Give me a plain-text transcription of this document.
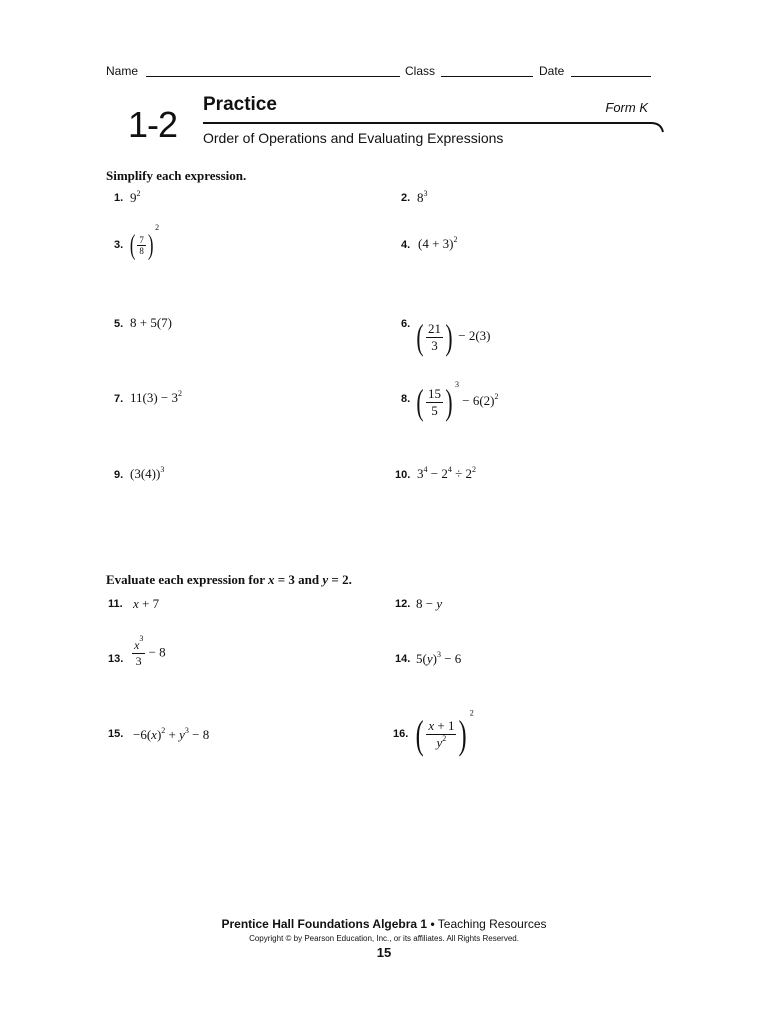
Name	Class	Date
1-2 Practice	Form K
Order of Operations and Evaluating Expressions
Simplify each expression.
1. $9^2$	2. $8^3$
3. ( $\frac{7}{8} )^2$
4. $(4 + 3)^2$
5. 8 + 5(7)	6. ( $\frac{21}{3}$ ) − 2(3)
7. $11(3) - 3^2$	8. ( $\frac{15}{5}$ ) $^3 - 6(2)^2$
9. $(3(4))^3$	10. $3^4 - 2^4 \div 2^2$
Evaluate each expression for x = 3 and y = 2.
11. x + 7	12. 8 − y
13. $\frac{x^3}{3} - 8$	14. $5(y)^3 - 6$
15. $-6(x)^2 + y^3 - 8$	16. ( $\frac{x + 1}{y^2}$ ) $^2$
Prentice Hall Foundations Algebra 1 • Teaching Resources
Copyright © by Pearson Education, Inc., or its affiliates. All Rights Reserved.
15
